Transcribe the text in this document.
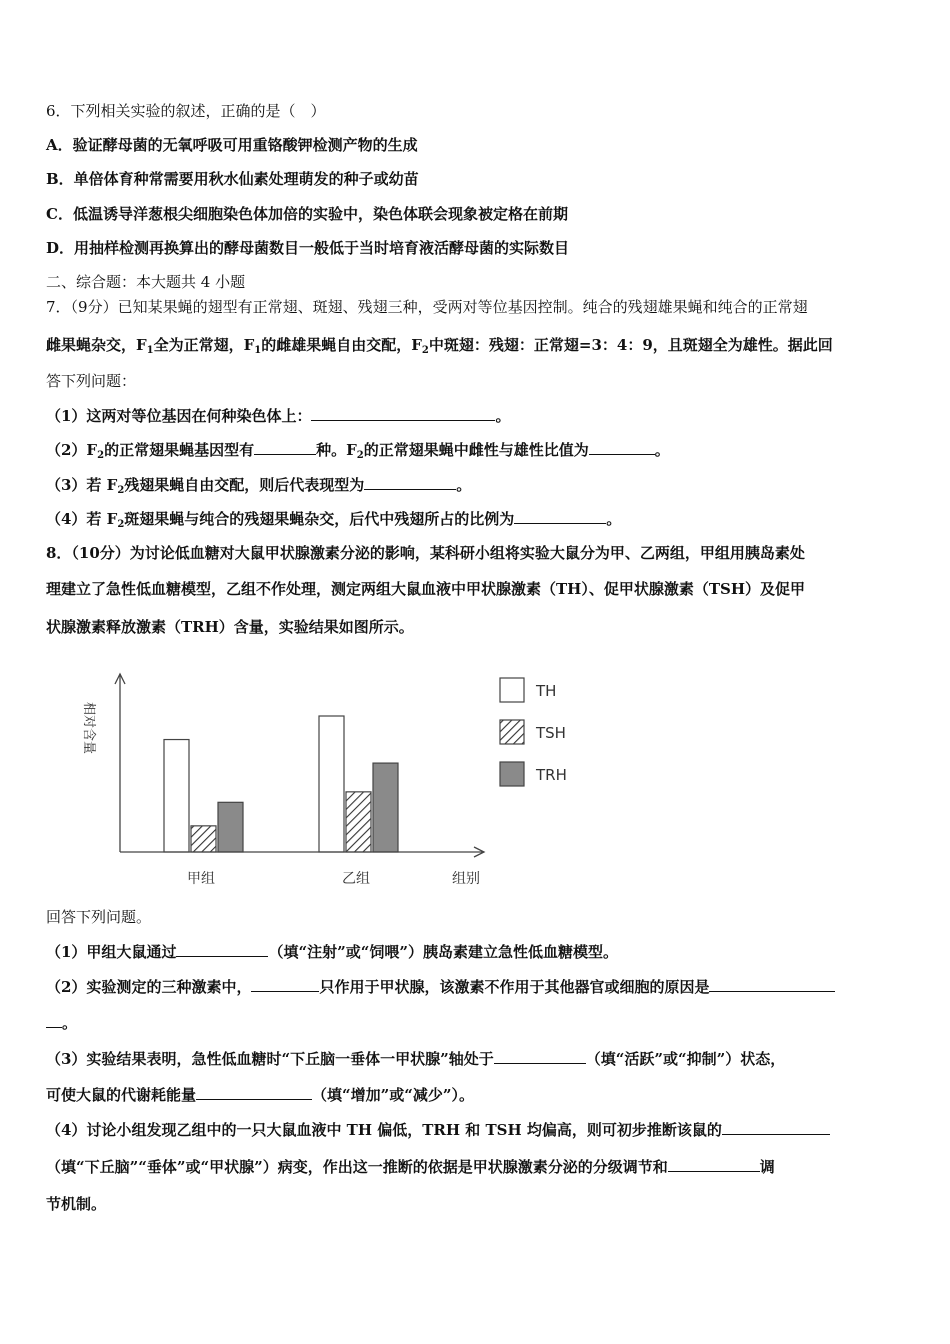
6．下列相关实验的叙述，正确的是（　）
A．验证酵母菌的无氧呼吸可用重铬酸钾检测产物的生成
B．单倍体育种常需要用秋水仙素处理萌发的种子或幼苗
C．低温诱导洋葱根尖细胞染色体加倍的实验中，染色体联会现象被定格在前期
D．用抽样检测再换算出的酵母菌数目一般低于当时培育液活酵母菌的实际数目
二、综合题：本大题共 4 小题
7．（9分）已知某果蝇的翅型有正常翅、斑翅、残翅三种，受两对等位基因控制。纯合的残翅雄果蝇和纯合的正常翅
雌果蝇杂交，$F_1$全为正常翅，$F_1$的雌雄果蝇自由交配，$F_2$中斑翅：残翅：正常翅=3：4：9，且斑翅全为雄性。据此回
答下列问题：
（1）这两对等位基因在何种染色体上：	。
$(2)F_2$的正常翅果蝇基因型有	种。$F_2$的正常翅果蝇中雌性与雄性比值为	。
（3）若 $F_2$残翅果蝇自由交配，则后代表现型为	。
（4）若 $F_2$斑翅果蝇与纯合的残翅果蝇杂交，后代中残翅所占的比例为	。
8．（10分）为讨论低血糖对大鼠甲状腺激素分泌的影响，某科研小组将实验大鼠分为甲、乙两组，甲组用胰岛素处
理建立了急性低血糖模型，乙组不作处理，测定两组大鼠血液中甲状腺激素（TH）、促甲状腺激素（TSH）及促甲
状腺激素释放激素（TRH）含量，实验结果如图所示。
相对含量
组别
甲组	乙组
TH
TSH
TRH
回答下列问题。
（1）甲组大鼠通过	（填“注射”或“饲喂”）胰岛素建立急性低血糖模型。
（2）实验测定的三种激素中，	只作用于甲状腺，该激素不作用于其他器官或细胞的原因是
。
（3）实验结果表明，急性低血糖时“下丘脑一垂体一甲状腺”轴处于	（填“活跃”或“抑制”）状态，
可使大鼠的代谢耗能量	（填“增加”或“减少”）。
（4）讨论小组发现乙组中的一只大鼠血液中 TH 偏低，TRH 和 TSH 均偏高，则可初步推断该鼠的
（填“下丘脑”“垂体”或“甲状腺”）病变，作出这一推断的依据是甲状腺激素分泌的分级调节和	调
节机制。
